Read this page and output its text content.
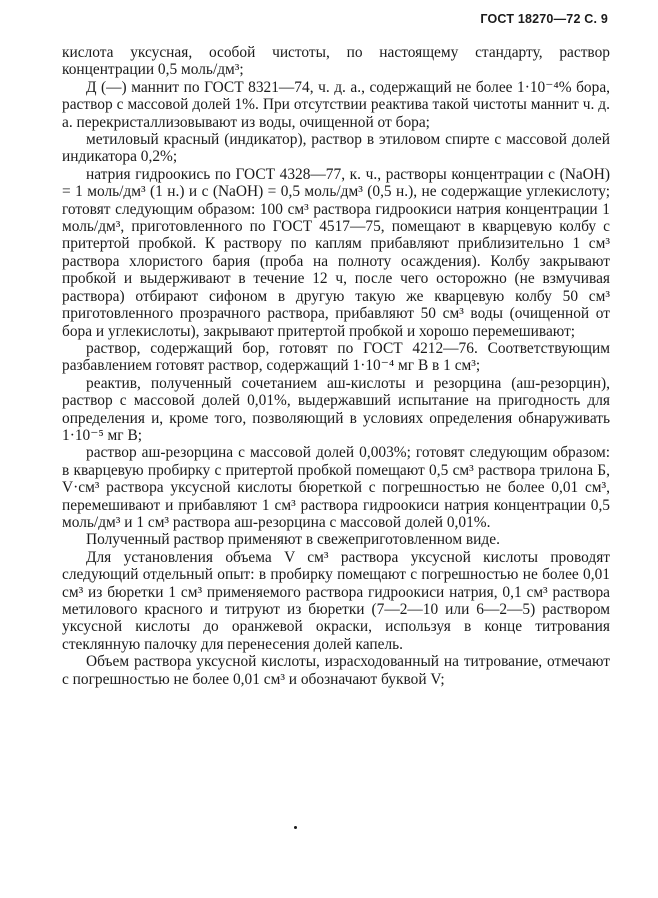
ГОСТ 18270—72 С. 9

кислота уксусная, особой чистоты, по настоящему стандарту, раствор концентрации 0,5 моль/дм³;

Д (—) маннит по ГОСТ 8321—74, ч. д. а., содержащий не более 1·10⁻⁴% бора, раствор с массовой долей 1%. При отсутствии реактива такой чистоты маннит ч. д. а. перекристаллизовывают из воды, очищенной от бора;

метиловый красный (индикатор), раствор в этиловом спирте с массовой долей индикатора 0,2%;

натрия гидроокись по ГОСТ 4328—77, к. ч., растворы концентрации c (NaOH) = 1 моль/дм³ (1 н.) и c (NaOH) = 0,5 моль/дм³ (0,5 н.), не содержащие углекислоту; готовят следующим образом: 100 см³ раствора гидроокиси натрия концентрации 1 моль/дм³, приготовленного по ГОСТ 4517—75, помещают в кварцевую колбу с притертой пробкой. К раствору по каплям прибавляют приблизительно 1 см³ раствора хлористого бария (проба на полноту осаждения). Колбу закрывают пробкой и выдерживают в течение 12 ч, после чего осторожно (не взмучивая раствора) отбирают сифоном в другую такую же кварцевую колбу 50 см³ приготовленного прозрачного раствора, прибавляют 50 см³ воды (очищенной от бора и углекислоты), закрывают притертой пробкой и хорошо перемешивают;

раствор, содержащий бор, готовят по ГОСТ 4212—76. Соответствующим разбавлением готовят раствор, содержащий 1·10⁻⁴ мг В в 1 см³;

реактив, полученный сочетанием аш-кислоты и резорцина (аш-резорцин), раствор с массовой долей 0,01%, выдержавший испытание на пригодность для определения и, кроме того, позволяющий в условиях определения обнаруживать 1·10⁻⁵ мг В;

раствор аш-резорцина с массовой долей 0,003%; готовят следующим образом: в кварцевую пробирку с притертой пробкой помещают 0,5 см³ раствора трилона Б, V·см³ раствора уксусной кислоты бюреткой с погрешностью не более 0,01 см³, перемешивают и прибавляют 1 см³ раствора гидроокиси натрия концентрации 0,5 моль/дм³ и 1 см³ раствора аш-резорцина с массовой долей 0,01%.

Полученный раствор применяют в свежеприготовленном виде.

Для установления объема V см³ раствора уксусной кислоты проводят следующий отдельный опыт: в пробирку помещают с погрешностью не более 0,01 см³ из бюретки 1 см³ применяемого раствора гидроокиси натрия, 0,1 см³ раствора метилового красного и титруют из бюретки (7—2—10 или 6—2—5) раствором уксусной кислоты до оранжевой окраски, используя в конце титрования стеклянную палочку для перенесения долей капель.

Объем раствора уксусной кислоты, израсходованный на титрование, отмечают с погрешностью не более 0,01 см³ и обозначают буквой V;
